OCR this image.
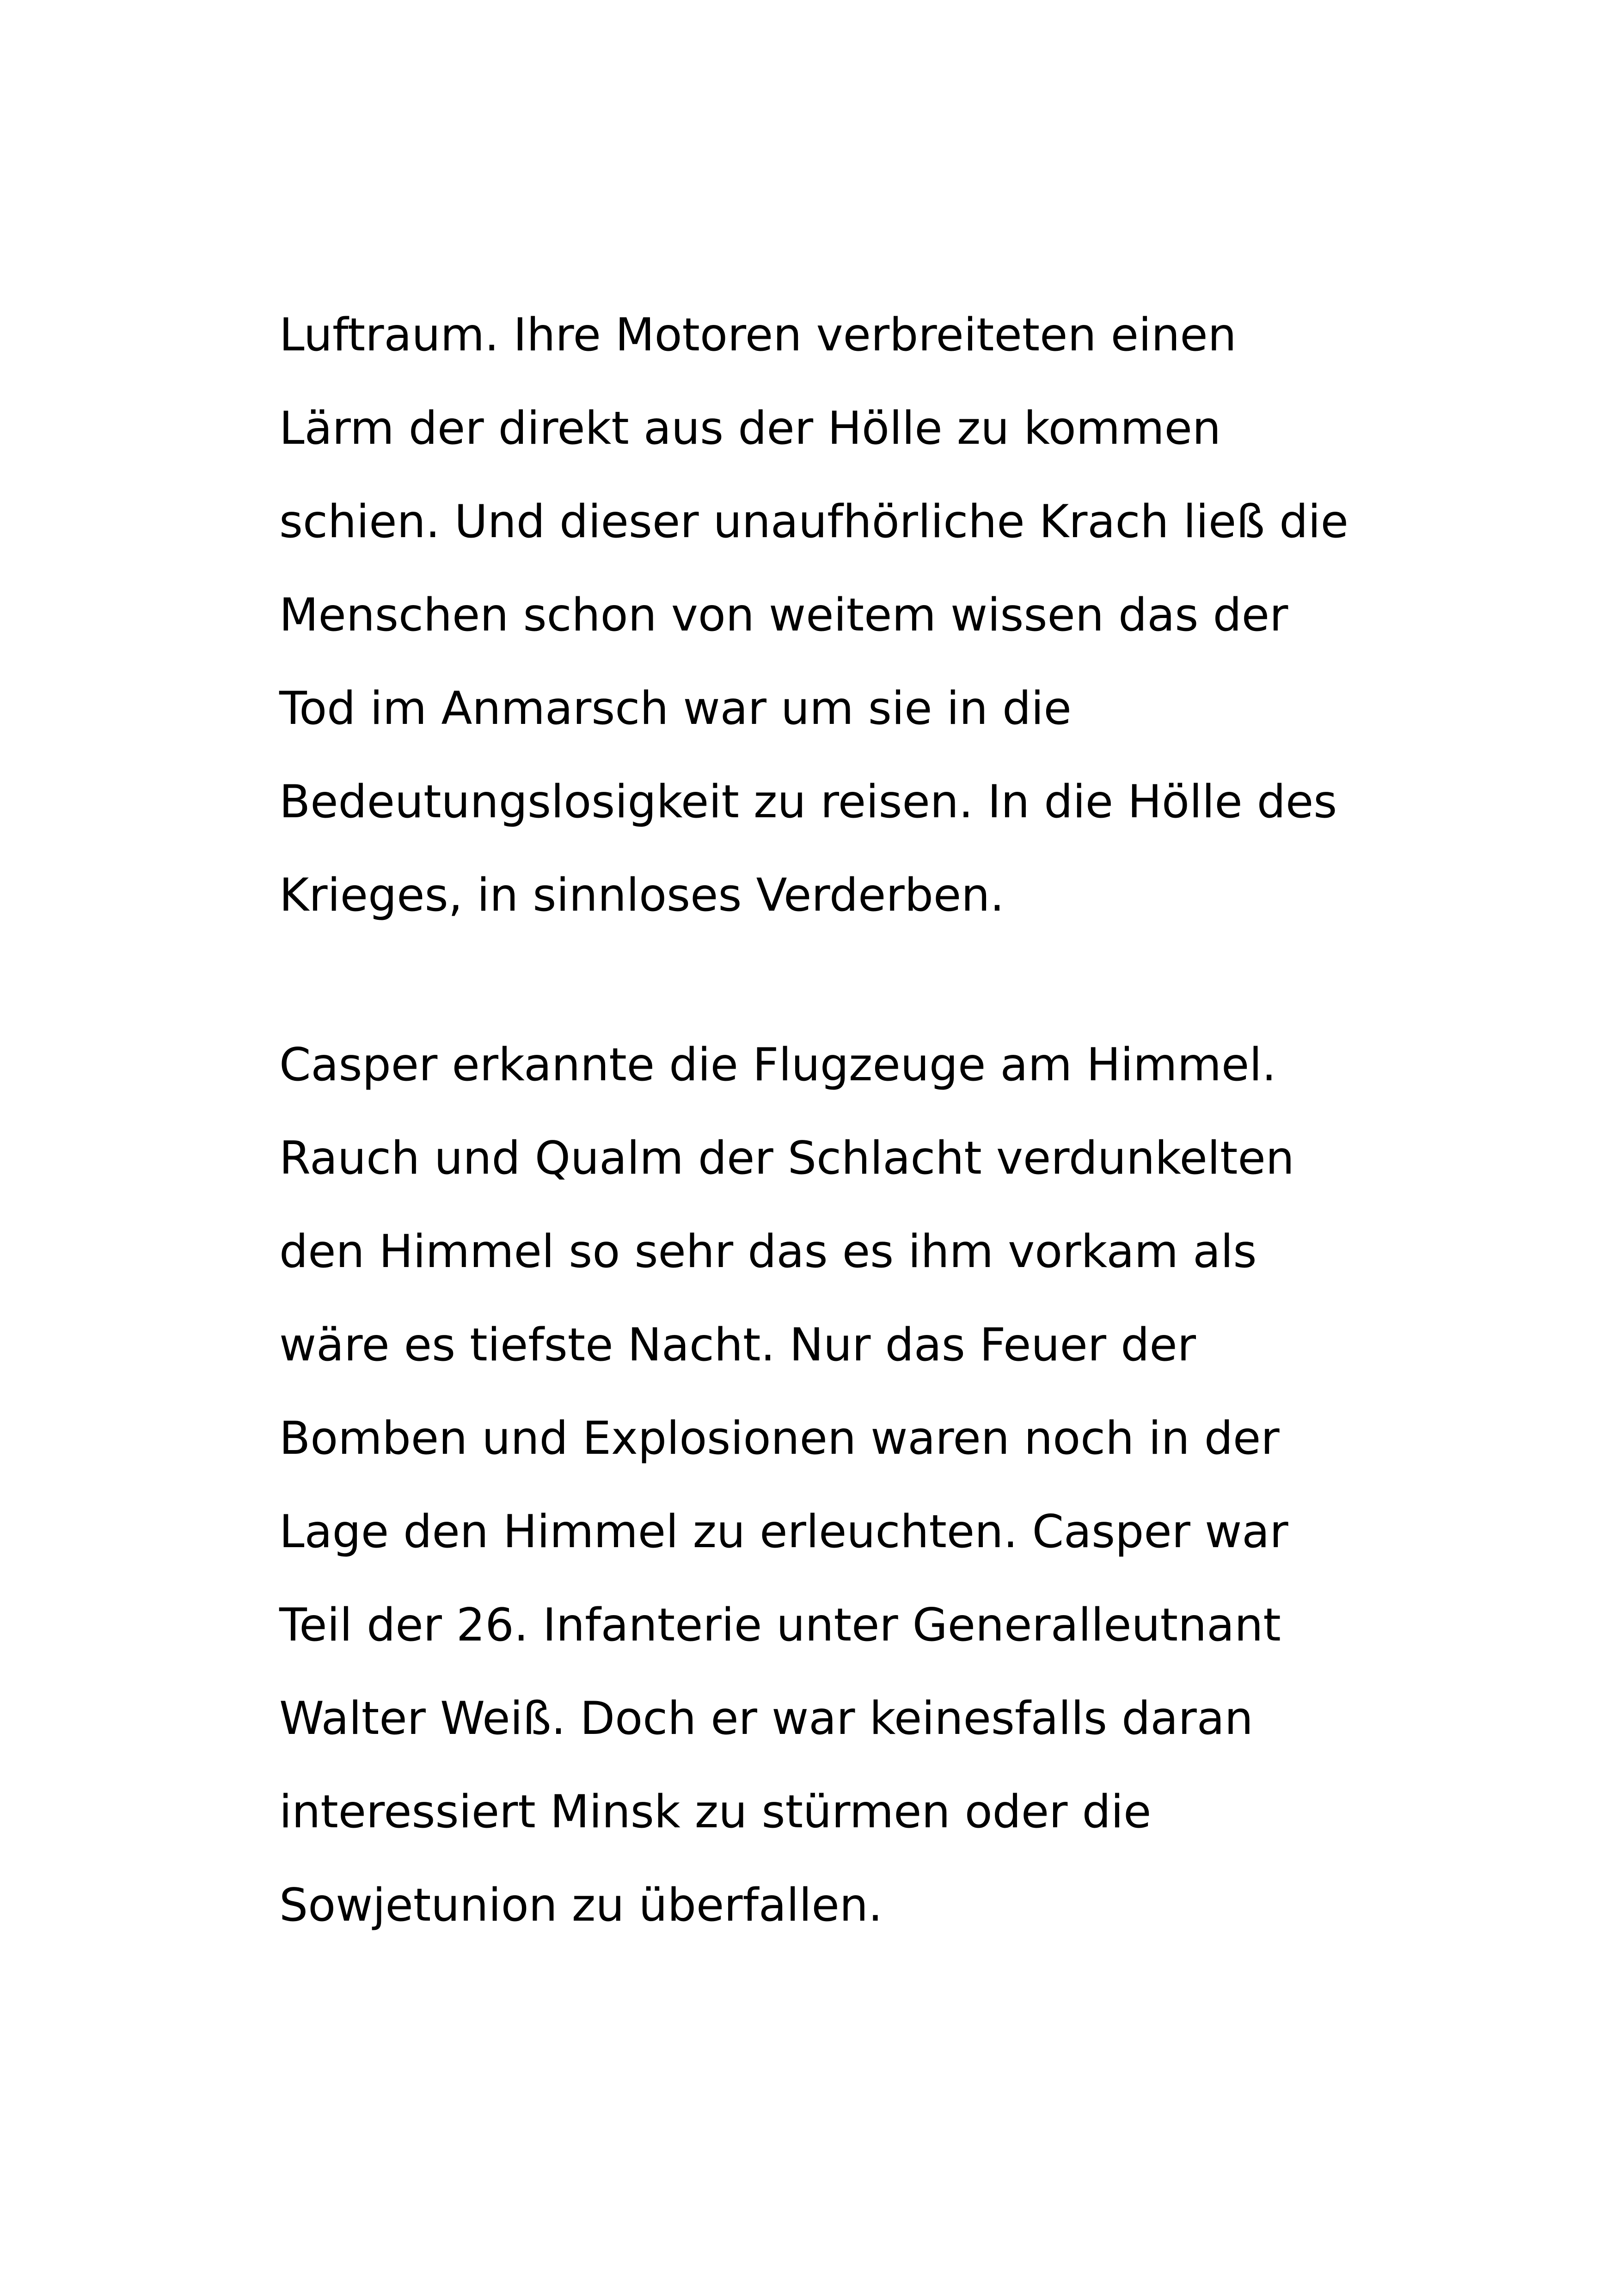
Luftraum. Ihre Motoren verbreiteten einen
Lärm der direkt aus der Hölle zu kommen
schien. Und dieser unaufhörliche Krach ließ die
Menschen schon von weitem wissen das der
Tod im Anmarsch war um sie in die
Bedeutungslosigkeit zu reisen. In die Hölle des
Krieges, in sinnloses Verderben.
Casper erkannte die Flugzeuge am Himmel.
Rauch und Qualm der Schlacht verdunkelten
den Himmel so sehr das es ihm vorkam als
wäre es tiefste Nacht. Nur das Feuer der
Bomben und Explosionen waren noch in der
Lage den Himmel zu erleuchten. Casper war
Teil der 26. Infanterie unter Generalleutnant
Walter Weiß. Doch er war keinesfalls daran
interessiert Minsk zu stürmen oder die
Sowjetunion zu überfallen.
